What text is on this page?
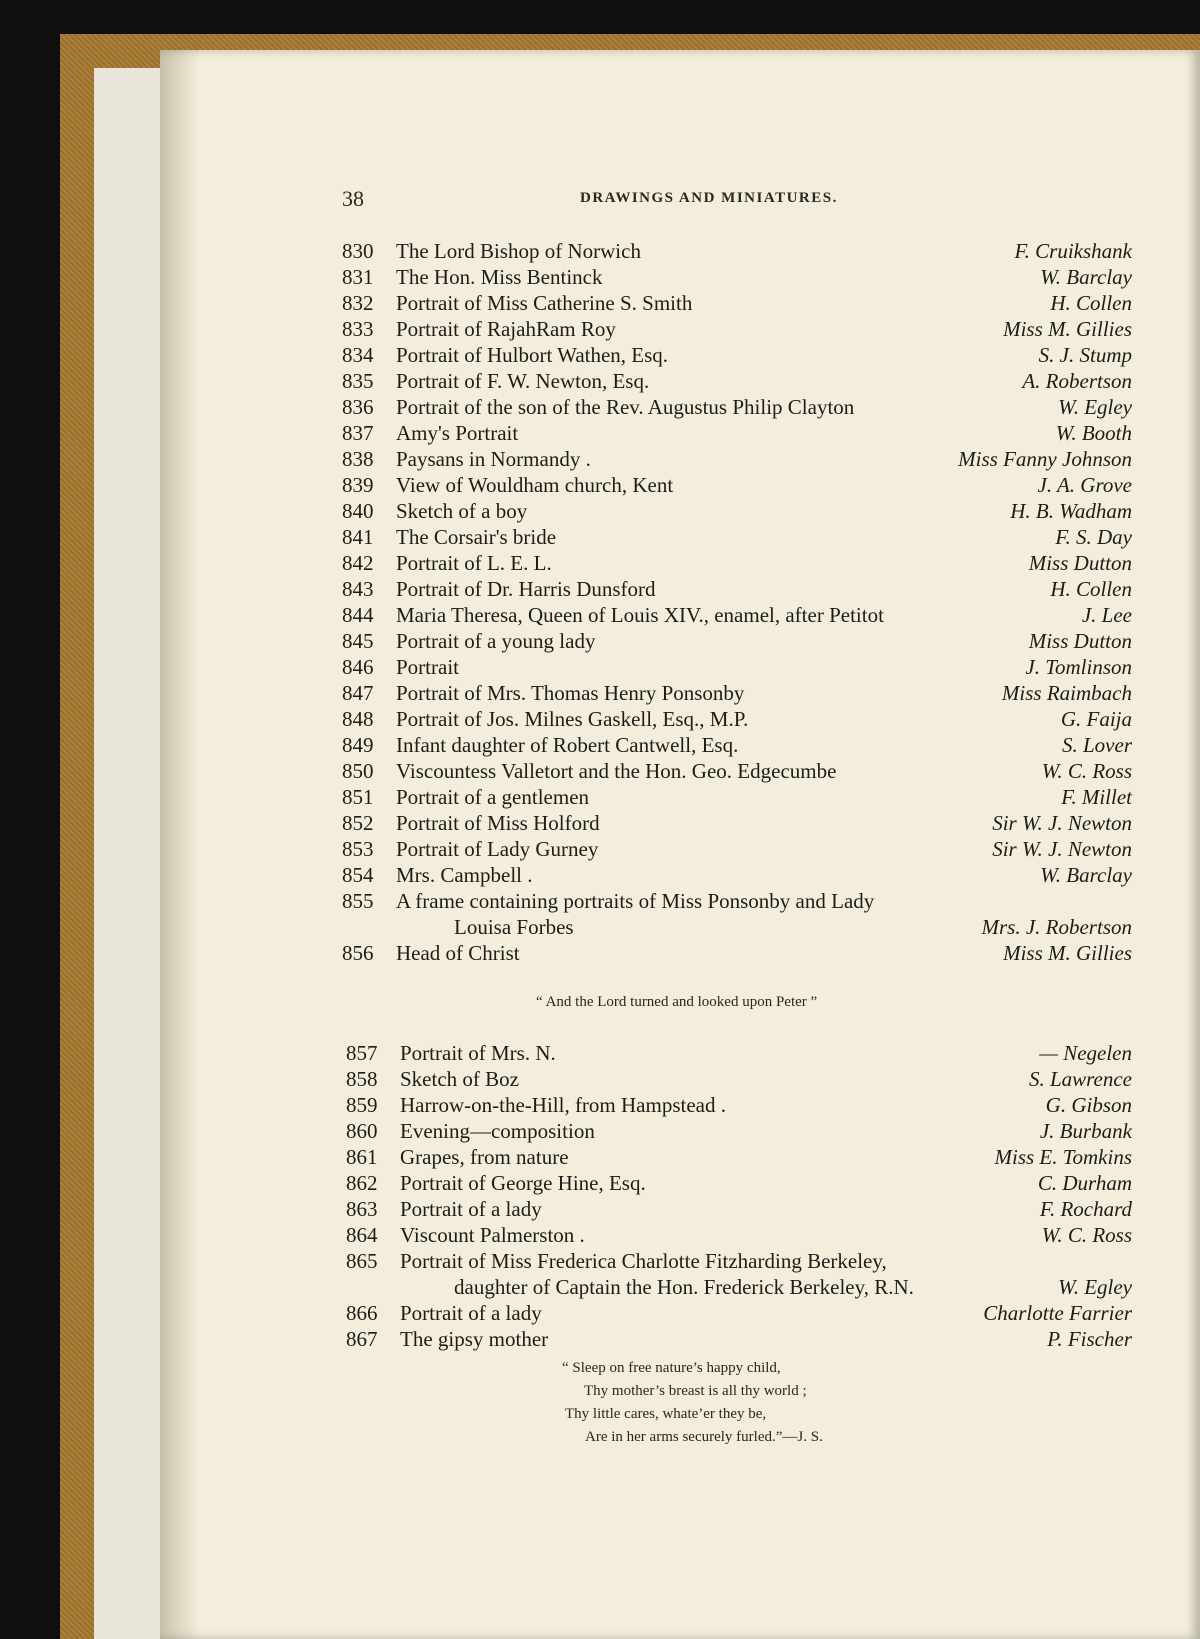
38	DRAWINGS AND MINIATURES.
830	The Lord Bishop of Norwich	F. Cruikshank
831	The Hon. Miss Bentinck	W. Barclay
832	Portrait of Miss Catherine S. Smith	H. Collen
833	Portrait of RajahRam Roy	Miss M. Gillies
834	Portrait of Hulbort Wathen, Esq.	S. J. Stump
835	Portrait of F. W. Newton, Esq.	A. Robertson
836	Portrait of the son of the Rev. Augustus Philip Clayton	W. Egley
837	Amy's Portrait	W. Booth
838	Paysans in Normandy .	Miss Fanny Johnson
839	View of Wouldham church, Kent	J. A. Grove
840	Sketch of a boy	H. B. Wadham
841	The Corsair's bride	F. S. Day
842	Portrait of L. E. L.	Miss Dutton
843	Portrait of Dr. Harris Dunsford	H. Collen
844	Maria Theresa, Queen of Louis XIV., enamel, after Petitot	J. Lee
845	Portrait of a young lady	Miss Dutton
846	Portrait	J. Tomlinson
847	Portrait of Mrs. Thomas Henry Ponsonby	Miss Raimbach
848	Portrait of Jos. Milnes Gaskell, Esq., M.P.	G. Faija
849	Infant daughter of Robert Cantwell, Esq.	S. Lover
850	Viscountess Valletort and the Hon. Geo. Edgecumbe	W. C. Ross
851	Portrait of a gentlemen	F. Millet
852	Portrait of Miss Holford	Sir W. J. Newton
853	Portrait of Lady Gurney	Sir W. J. Newton
854	Mrs. Campbell .	W. Barclay
855	A frame containing portraits of Miss Ponsonby and Lady
Louisa Forbes	Mrs. J. Robertson
856	Head of Christ	Miss M. Gillies
857	Portrait of Mrs. N.	— Negelen
858	Sketch of Boz	S. Lawrence
859	Harrow-on-the-Hill, from Hampstead .	G. Gibson
860	Evening—composition	J. Burbank
861	Grapes, from nature	Miss E. Tomkins
862	Portrait of George Hine, Esq.	C. Durham
863	Portrait of a lady	F. Rochard
864	Viscount Palmerston .	W. C. Ross
865	Portrait of Miss Frederica Charlotte Fitzharding Berkeley,
daughter of Captain the Hon. Frederick Berkeley, R.N.	W. Egley
866	Portrait of a lady	Charlotte Farrier
867	The gipsy mother	P. Fischer
“ And the Lord turned and looked upon Peter ”
“ Sleep on free nature’s happy child,
Thy mother’s breast is all thy world ;
Thy little cares, whate’er they be,
Are in her arms securely furled.”—J. S.
